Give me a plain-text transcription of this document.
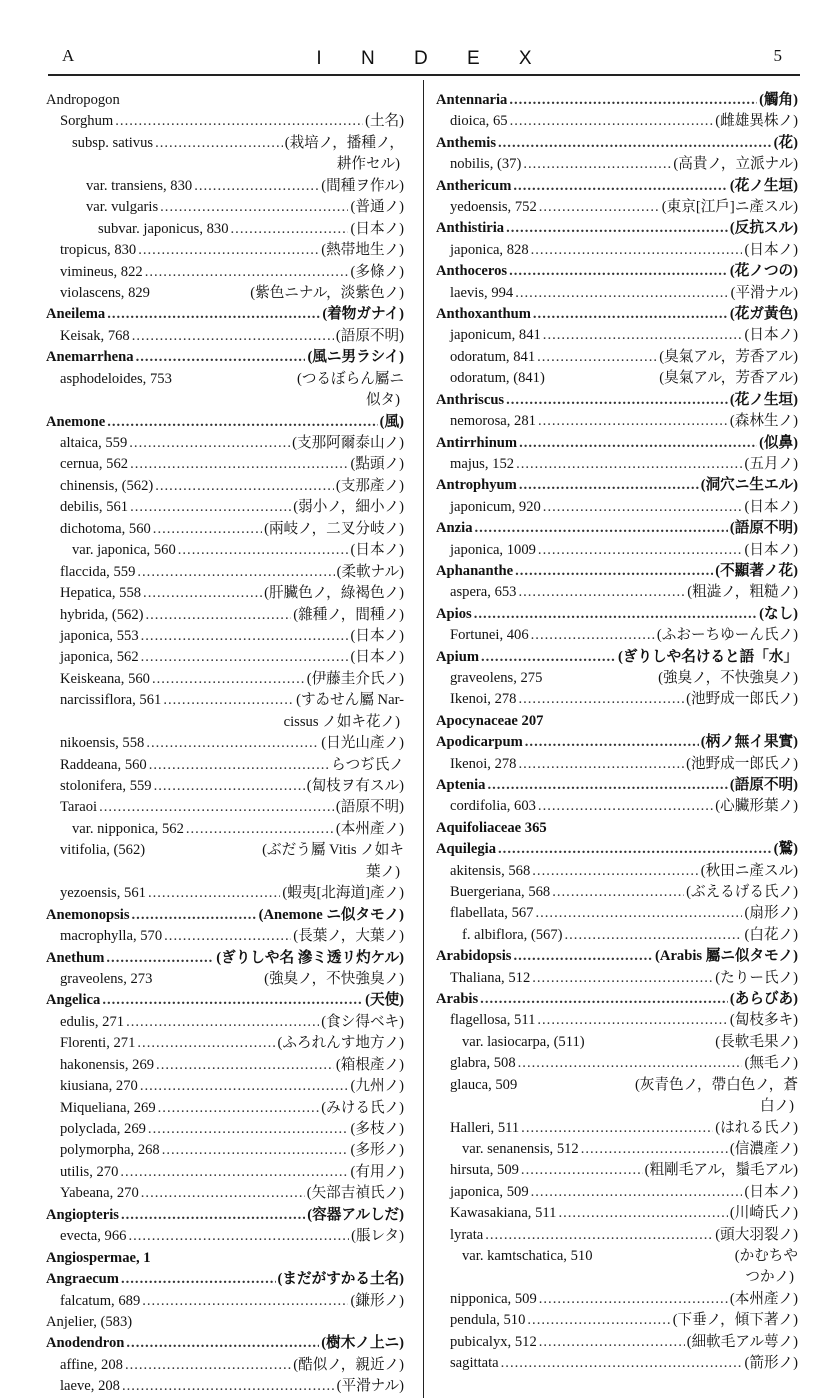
A	I N D E X	5
Andropogon
Sorghum .....	(土名)
subsp. sativus .....	(栽培ノ，播種ノ，
耕作セル)
var. transiens, 830 .....	(間種ヲ作ル)
var. vulgaris .....	(普通ノ)
subvar. japonicus, 830 .....	(日本ノ)
tropicus, 830 .....	(熱帯地生ノ)
vimineus, 822 .....	(多條ノ)
violascens, 829	(紫色ニナル，淡紫色ノ)
Aneilema .....	(着物ガナイ)
Keisak, 768 .....	(語原不明)
Anemarrhena .....	(風ニ男ラシイ)
asphodeloides, 753	(つるぼらん屬ニ
似タ)
Anemone .....	(風)
altaica, 559 .....	(支那阿爾泰山ノ)
cernua, 562 .....	(點頭ノ)
chinensis, (562) .....	(支那產ノ)
debilis, 561 .....	(弱小ノ，細小ノ)
dichotoma, 560 .....	(兩岐ノ，二叉分岐ノ)
var. japonica, 560 .....	(日本ノ)
flaccida, 559 .....	(柔軟ナル)
Hepatica, 558 .....	(肝臟色ノ，綠褐色ノ)
hybrida, (562) .....	(雜種ノ，間種ノ)
japonica, 553 .....	(日本ノ)
japonica, 562 .....	(日本ノ)
Keiskeana, 560 .....	(伊藤圭介氏ノ)
narcissiflora, 561 .....	(すゐせん屬 Nar-
cissus ノ如キ花ノ)
nikoensis, 558 .....	(日光山產ノ)
Raddeana, 560 .....	らつぢ氏ノ
stolonifera, 559 .....	(匐枝ヲ有スル)
Taraoi .....	(語原不明)
var. nipponica, 562 .....	(本州產ノ)
vitifolia, (562)	(ぶだう屬 Vitis ノ如キ
葉ノ)
yezoensis, 561 .....	(蝦夷[北海道]產ノ)
Anemonopsis .....	(Anemone ニ似タモノ)
macrophylla, 570 .....	(長葉ノ，大葉ノ)
Anethum .....	(ぎりしや名 滲ミ透リ灼ケル)
graveolens, 273	(強臭ノ，不快強臭ノ)
Angelica .....	(天使)
edulis, 271 .....	(食シ得ベキ)
Florenti, 271 .....	(ふろれんす地方ノ)
hakonensis, 269 .....	(箱根產ノ)
kiusiana, 270 .....	(九州ノ)
Miqueliana, 269 .....	(みける氏ノ)
polyclada, 269 .....	(多枝ノ)
polymorpha, 268 .....	(多形ノ)
utilis, 270 .....	(有用ノ)
Yabeana, 270 .....	(矢部吉禎氏ノ)
Angiopteris .....	(容器アルしだ)
evecta, 966 .....	(脹レタ)
Angiospermae, 1
Angraecum .....	(まだがすかる土名)
falcatum, 689 .....	(鎌形ノ)
Anjelier, (583)
Anodendron .....	(樹木ノ上ニ)
affine, 208 .....	(酷似ノ，親近ノ)
laeve, 208 .....	(平滑ナル)
Antennaria .....	(觸角)
dioica, 65 .....	(雌雄異株ノ)
Anthemis .....	(花)
nobilis, (37) .....	(高貴ノ，立派ナル)
Anthericum .....	(花ノ生垣)
yedoensis, 752 .....	(東京[江戶]ニ產スル)
Anthistiria .....	(反抗スル)
japonica, 828 .....	(日本ノ)
Anthoceros .....	(花ノつの)
laevis, 994 .....	(平滑ナル)
Anthoxanthum .....	(花ガ黃色)
japonicum, 841 .....	(日本ノ)
odoratum, 841 .....	(臭氣アル，芳香アル)
odoratum, (841)	(臭氣アル，芳香アル)
Anthriscus .....	(花ノ生垣)
nemorosa, 281 .....	(森林生ノ)
Antirrhinum .....	(似鼻)
majus, 152 .....	(五月ノ)
Antrophyum .....	(洞穴ニ生エル)
japonicum, 920 .....	(日本ノ)
Anzia .....	(語原不明)
japonica, 1009 .....	(日本ノ)
Aphananthe .....	(不顯著ノ花)
aspera, 653 .....	(粗澁ノ，粗糙ノ)
Apios .....	(なし)
Fortunei, 406 .....	(ふおーちゆーん氏ノ)
Apium .....	(ぎりしや名けると語「水」
graveolens, 275	(強臭ノ，不快強臭ノ)
Ikenoi, 278 .....	(池野成一郎氏ノ)
Apocynaceae 207
Apodicarpum .....	(柄ノ無イ果實)
Ikenoi, 278 .....	(池野成一郎氏ノ)
Aptenia .....	(語原不明)
cordifolia, 603 .....	(心臟形葉ノ)
Aquifoliaceae 365
Aquilegia .....	(鷲)
akitensis, 568 .....	(秋田ニ產スル)
Buergeriana, 568 .....	(ぶえるげる氏ノ)
flabellata, 567 .....	(扇形ノ)
f. albiflora, (567) .....	(白花ノ)
Arabidopsis .....	(Arabis 屬ニ似タモノ)
Thaliana, 512 .....	(たりー氏ノ)
Arabis .....	(あらびあ)
flagellosa, 511 .....	(匐枝多キ)
var. lasiocarpa, (511)	(長軟毛果ノ)
glabra, 508 .....	(無毛ノ)
glauca, 509	(灰青色ノ，帶白色ノ，蒼
白ノ)
Halleri, 511 .....	(はれる氏ノ)
var. senanensis, 512 .....	(信濃產ノ)
hirsuta, 509 .....	(粗剛毛アル，鬚毛アル)
japonica, 509 .....	(日本ノ)
Kawasakiana, 511 .....	(川崎氏ノ)
lyrata .....	(頭大羽裂ノ)
var. kamtschatica, 510	(かむちや
つかノ)
nipponica, 509 .....	(本州產ノ)
pendula, 510 .....	(下垂ノ，傾下著ノ)
pubicalyx, 512 .....	(細軟毛アル萼ノ)
sagittata .....	(箭形ノ)
